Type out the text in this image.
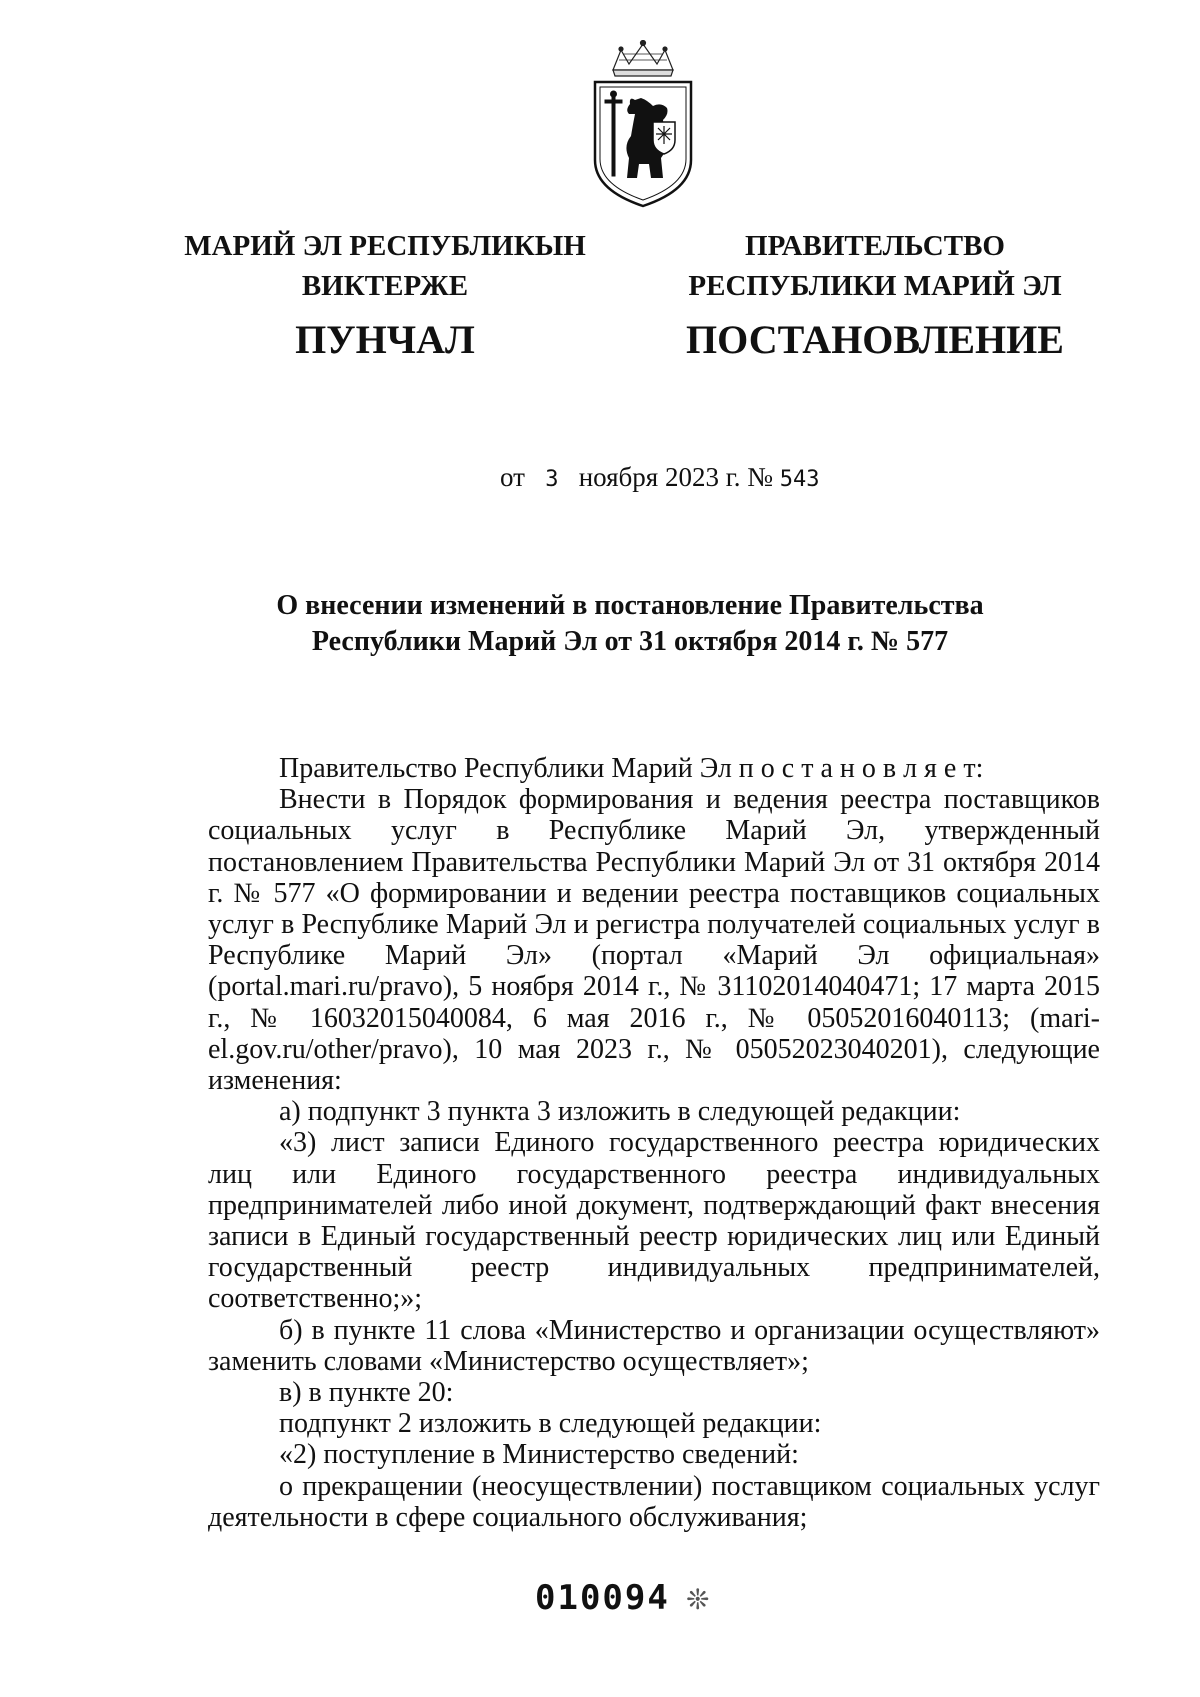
МАРИЙ ЭЛ РЕСПУБЛИКЫН
ВИКТЕРЖЕ
ПУНЧАЛ
ПРАВИТЕЛЬСТВО
РЕСПУБЛИКИ МАРИЙ ЭЛ
ПОСТАНОВЛЕНИЕ
от 3 ноября 2023 г. № 543
О внесении изменений в постановление Правительства
Республики Марий Эл от 31 октября 2014 г. № 577

Правительство Республики Марий Эл п о с т а н о в л я е т:

Внести в Порядок формирования и ведения реестра поставщиков социальных услуг в Республике Марий Эл, утвержденный постановлением Правительства Республики Марий Эл от 31 октября 2014 г. № 577 «О формировании и ведении реестра поставщиков социальных услуг в Республике Марий Эл и регистра получателей социальных услуг в Республике Марий Эл» (портал «Марий Эл официальная» (portal.mari.ru/pravo), 5 ноября 2014 г., № 31102014040471; 17 марта 2015 г., № 16032015040084, 6 мая 2016 г., № 05052016040113; (mari-el.gov.ru/other/pravo), 10 мая 2023 г., № 05052023040201), следующие изменения:

а) подпункт 3 пункта 3 изложить в следующей редакции:

«3) лист записи Единого государственного реестра юридических лиц или Единого государственного реестра индивидуальных предпринимателей либо иной документ, подтверждающий факт внесения записи в Единый государственный реестр юридических лиц или Единый государственный реестр индивидуальных предпринимателей, соответственно;»;

б) в пункте 11 слова «Министерство и организации осуществляют» заменить словами «Министерство осуществляет»;

в) в пункте 20:

подпункт 2 изложить в следующей редакции:

«2) поступление в Министерство сведений:

о прекращении (неосуществлении) поставщиком социальных услуг деятельности в сфере социального обслуживания;

010094 ❊
